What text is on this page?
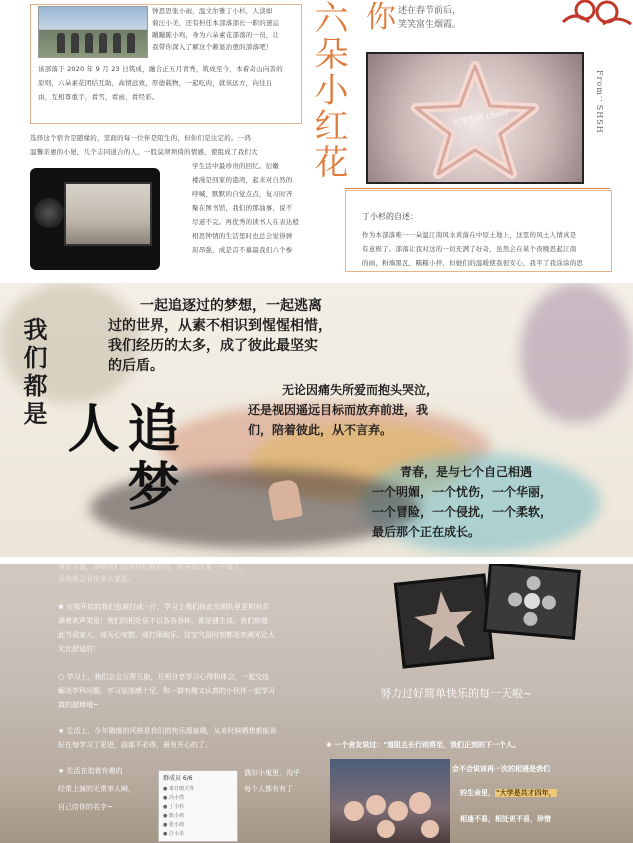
钟思思张小雨，温文尔雅丁小杉，人淡如
菊汪小美，还有担任本部落部长一职的速运
蹦蹦陈小鸡，身为六朵素花部落的一员，让
我带你深入了解这个颇显治愈的部落吧！
该部落于 2020 年 9 月 23 日筑成，融合正五月青秀，筑成至今，本着奇山向善的
原则，六朵素花团结互助，高情远致，厚德载物，一起吃肉，就该远方，向往自
由，互相尊重手，看雪，看雨，看经彩。
选择这个宿舍是随缘的，里面的每一位伴是陌生的，但你们是注定的。一鸿
温馨亲惠的小屋，几个志同道合的人，一股莫须须倚的情感，使组成了我们大
学生活中最珍贵的回忆。衍嫩
楼漫是回家的港湾，起来对自然的
呼喊，默默的自觉点点，复习时齐
聚在图书馆，我们的那油事，说不
尽道不完。再优秀的读书人在表达般
相思钟情的生活里时也总会觉得弹
屈昂强，成是首不慕最我们六个参
六朵小红花 你 述在春节前后，
笑笑富生烟霞。
光荣生活 cheer	From：SHSH
丁小杉的自述：
作为本部落唯一一朵温江南风水黄落在中原土地上，这里的风土人情真是
有意极了。部落让我对这的一切充满了好奇，虽然会在某个夜晚思起江南
的雨，粉墙黑瓦，糯糯小拌，但她们的温暖使我很安心，我平了我涂涂的思
我们都是
追梦人
一起追逐过的梦想，一起逃离
过的世界，从素不相识到惺惺相惜，
我们经历的太多，成了彼此最坚实
的后盾。
无论因痛失所爱而抱头哭泣，
还是视因遥远目标而放弃前进，我
们，陪着彼此，从不言弃。
青春，是与七个自己相遇
一个明媚，一个忧伤，一个华丽，
一个冒险，一个侵扰，一个柔软，
最后那个正在成长。
舍友不离，得知我们会到你们面前的，但开始在本一个就了，
而我都会非常多大家起。
❀ 在那开启的我们也被打成一片，学习上我们彼此在团队里更相对共
满着欢声笑语！我们的相处说不以各各各种，都是建生谈。我们和谐
此当成家人，或天心安慰，或打闹取乐，这宝气氛时刻都是欢满光让人
无比舒适的！
○ 学习上，我们会会互帮互助，互相分享学习心得和体会，一起交连
解决学科问题，学习氛围感十足，和一群有趣又认真的小伙伴一起学习
真的超棒哦~
★ 生活上，少年随缘的风格是我们的快乐源泉哦，从未时候晒想都能说
好在每学习了更进，曲都不必得，最有开心的了。
★ 生活在追着有趣的
经常上演的无常举人瞬，
自己给你的名字~
群成员 6/6
● 泰日晴天等
● 冯小然
● 丁小杉
● 陈小鸡
● 张小雨
● 汪小美
偶尔小鬼里，沟乎
每个人都有有了
努力过好简单快乐的每一天啦~
❀ 一个舍友说过："道阻且长行则将至，我们正到的下一个人。
会不会说该再一次的相遇是我们
的生命里，"大学是共才四年，
相逢不易，相处更不易，珍惜
